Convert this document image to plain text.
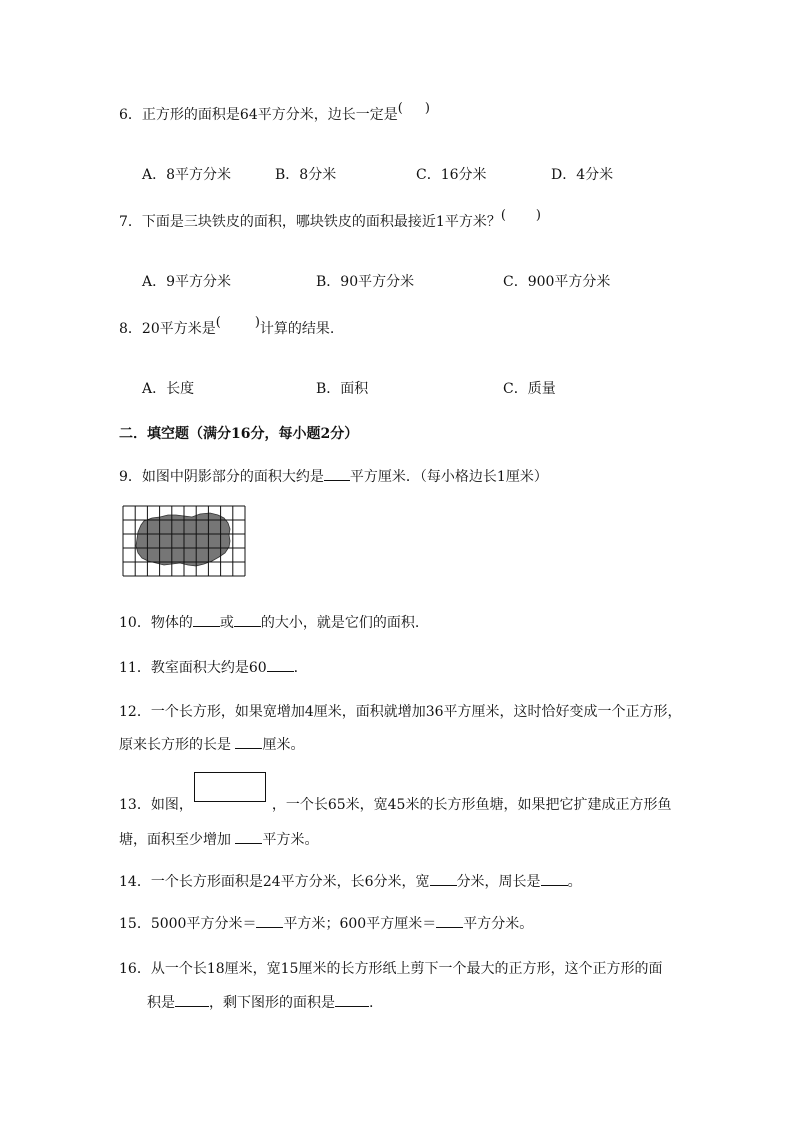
6．正方形的面积是64平方分米，边长一定是( )
A．8平方分米	B．8分米	C．16分米	D．4分米
7．下面是三块铁皮的面积，哪块铁皮的面积最接近1平方米？( )
A．9平方分米	B．90平方分米	C．900平方分米
8．20平方米是(	)计算的结果.
A．长度	B．面积	C．质量
二．填空题（满分16分，每小题2分）
9．如图中阴影部分的面积大约是 平方厘米．（每小格边长1厘米）
10．物体的 或 的大小，就是它们的面积.
11．教室面积大约是60 .
12．一个长方形，如果宽增加4厘米，面积就增加36平方厘米，这时恰好变成一个正方形，
原来长方形的长是 厘米。
13．如图，	，一个长65米，宽45米的长方形鱼塘，如果把它扩建成正方形鱼
塘，面积至少增加 平方米。
14．一个长方形面积是24平方分米，长6分米，宽 分米，周长是 。
15．5000平方分米＝ 平方米；600平方厘米＝ 平方分米。
16．从一个长18厘米，宽15厘米的长方形纸上剪下一个最大的正方形，这个正方形的面
积是 ，剩下图形的面积是 .
